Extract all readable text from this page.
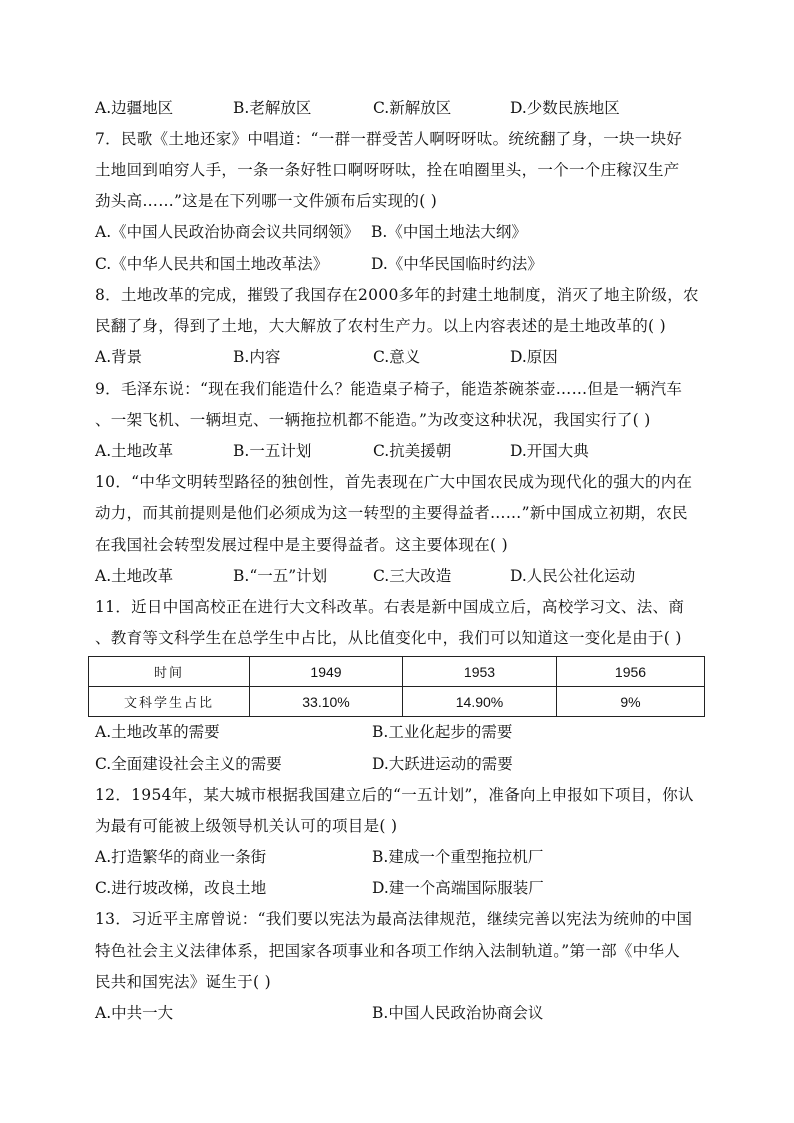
A.边疆地区	B.老解放区	C.新解放区	D.少数民族地区
7．民歌《土地还家》中唱道：“一群一群受苦人啊呀呀呔。统统翻了身，一块一块好
土地回到咱穷人手，一条一条好牲口啊呀呀呔，拴在咱圈里头，一个一个庄稼汉生产
劲头高……”这是在下列哪一文件颁布后实现的( )
A.《中国人民政治协商会议共同纲领》 B.《中国土地法大纲》
C.《中华人民共和国土地改革法》	D.《中华民国临时约法》
8．土地改革的完成，摧毁了我国存在2000多年的封建土地制度，消灭了地主阶级，农
民翻了身，得到了土地，大大解放了农村生产力。以上内容表述的是土地改革的( )
A.背景	B.内容	C.意义	D.原因
9．毛泽东说：“现在我们能造什么？能造桌子椅子，能造茶碗茶壶……但是一辆汽车
、一架飞机、一辆坦克、一辆拖拉机都不能造。”为改变这种状况，我国实行了( )
A.土地改革	B.一五计划	C.抗美援朝	D.开国大典
10．“中华文明转型路径的独创性，首先表现在广大中国农民成为现代化的强大的内在
动力，而其前提则是他们必须成为这一转型的主要得益者……”新中国成立初期，农民
在我国社会转型发展过程中是主要得益者。这主要体现在( )
A.土地改革	B.“一五”计划	C.三大改造	D.人民公社化运动
11．近日中国高校正在进行大文科改革。右表是新中国成立后，高校学习文、法、商
、教育等文科学生在总学生中占比，从比值变化中，我们可以知道这一变化是由于( )
时间	1949	1953	1956
文科学生占比	33.10%	14.90%	9%
A.土地改革的需要	B.工业化起步的需要
C.全面建设社会主义的需要	D.大跃进运动的需要
12．1954年，某大城市根据我国建立后的“一五计划”，准备向上申报如下项目，你认
为最有可能被上级领导机关认可的项目是( )
A.打造繁华的商业一条街	B.建成一个重型拖拉机厂
C.进行坡改梯，改良土地	D.建一个高端国际服装厂
13．习近平主席曾说：“我们要以宪法为最高法律规范，继续完善以宪法为统帅的中国
特色社会主义法律体系，把国家各项事业和各项工作纳入法制轨道。”第一部《中华人
民共和国宪法》诞生于( )
A.中共一大	B.中国人民政治协商会议
